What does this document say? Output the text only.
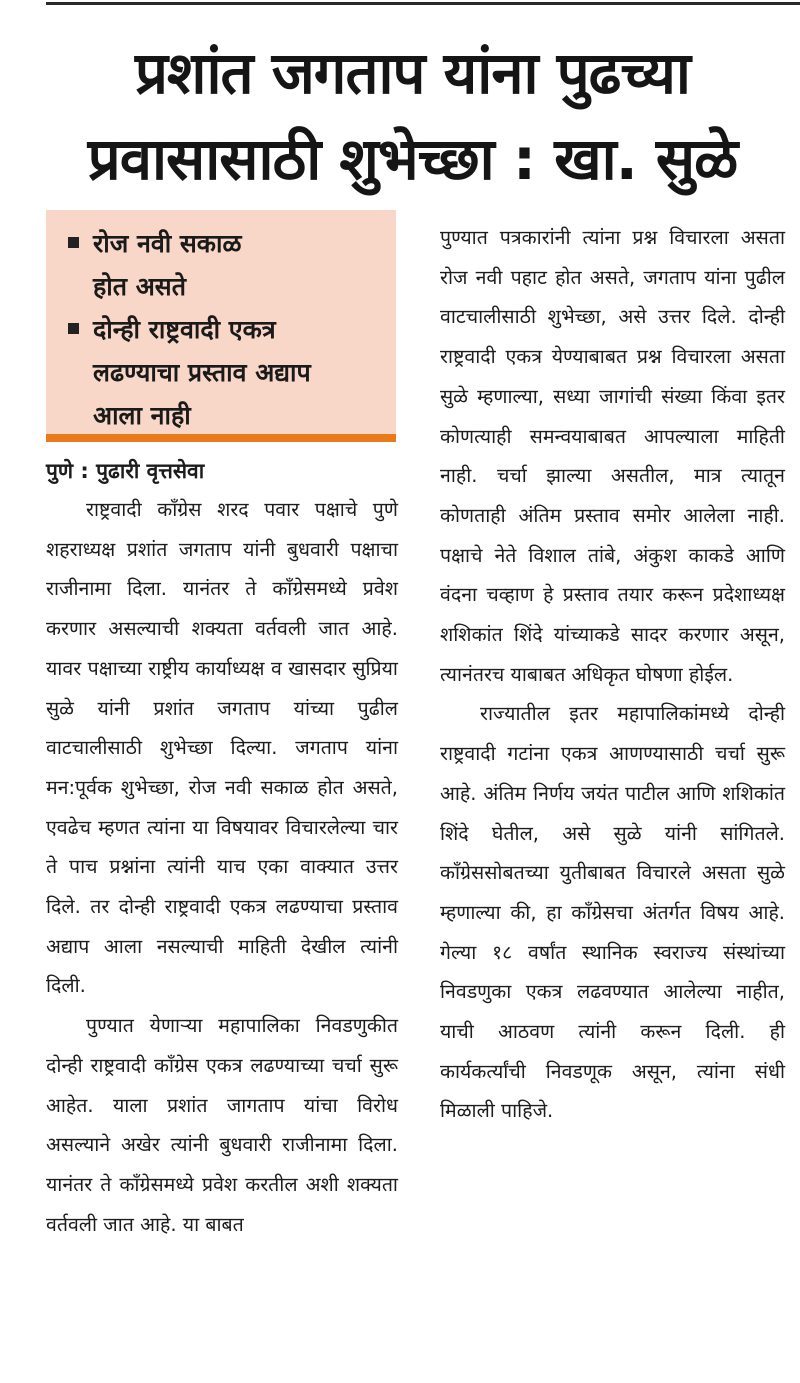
प्रशांत जगताप यांना पुढच्या
प्रवासासाठी शुभेच्छा : खा. सुळे
रोज नवी सकाळ होत असते
दोन्ही राष्ट्रवादी एकत्र लढण्याचा प्रस्ताव अद्याप आला नाही

पुणे : पुढारी वृत्तसेवा

राष्ट्रवादी काँग्रेस शरद पवार पक्षाचे पुणे शहराध्यक्ष प्रशांत जगताप यांनी बुधवारी पक्षाचा राजीनामा दिला. यानंतर ते काँग्रेसमध्ये प्रवेश करणार असल्याची शक्यता वर्तवली जात आहे. यावर पक्षाच्या राष्ट्रीय कार्याध्यक्ष व खासदार सुप्रिया सुळे यांनी प्रशांत जगताप यांच्या पुढील वाटचालीसाठी शुभेच्छा दिल्या. जगताप यांना मन:पूर्वक शुभेच्छा, रोज नवी सकाळ होत असते, एवढेच म्हणत त्यांना या विषयावर विचारलेल्या चार ते पाच प्रश्नांना त्यांनी याच एका वाक्यात उत्तर दिले. तर दोन्ही राष्ट्रवादी एकत्र लढण्याचा प्रस्ताव अद्याप आला नसल्याची माहिती देखील त्यांनी दिली.

पुण्यात येणाऱ्या महापालिका निवडणुकीत दोन्ही राष्ट्रवादी काँग्रेस एकत्र लढण्याच्या चर्चा सुरू आहेत. याला प्रशांत जागताप यांचा विरोध असल्याने अखेर त्यांनी बुधवारी राजीनामा दिला. यानंतर ते काँग्रेसमध्ये प्रवेश करतील अशी शक्यता वर्तवली जात आहे. या बाबत

पुण्यात पत्रकारांनी त्यांना प्रश्न विचारला असता रोज नवी पहाट होत असते, जगताप यांना पुढील वाटचालीसाठी शुभेच्छा, असे उत्तर दिले. दोन्ही राष्ट्रवादी एकत्र येण्याबाबत प्रश्न विचारला असता सुळे म्हणाल्या, सध्या जागांची संख्या किंवा इतर कोणत्याही समन्वयाबाबत आपल्याला माहिती नाही. चर्चा झाल्या असतील, मात्र त्यातून कोणताही अंतिम प्रस्ताव समोर आलेला नाही. पक्षाचे नेते विशाल तांबे, अंकुश काकडे आणि वंदना चव्हाण हे प्रस्ताव तयार करून प्रदेशाध्यक्ष शशिकांत शिंदे यांच्याकडे सादर करणार असून, त्यानंतरच याबाबत अधिकृत घोषणा होईल.

राज्यातील इतर महापालिकांमध्ये दोन्ही राष्ट्रवादी गटांना एकत्र आणण्यासाठी चर्चा सुरू आहे. अंतिम निर्णय जयंत पाटील आणि शशिकांत शिंदे घेतील, असे सुळे यांनी सांगितले. काँग्रेससोबतच्या युतीबाबत विचारले असता सुळे म्हणाल्या की, हा काँग्रेसचा अंतर्गत विषय आहे. गेल्या १८ वर्षांत स्थानिक स्वराज्य संस्थांच्या निवडणुका एकत्र लढवण्यात आलेल्या नाहीत, याची आठवण त्यांनी करून दिली. ही कार्यकर्त्यांची निवडणूक असून, त्यांना संधी मिळाली पाहिजे.
